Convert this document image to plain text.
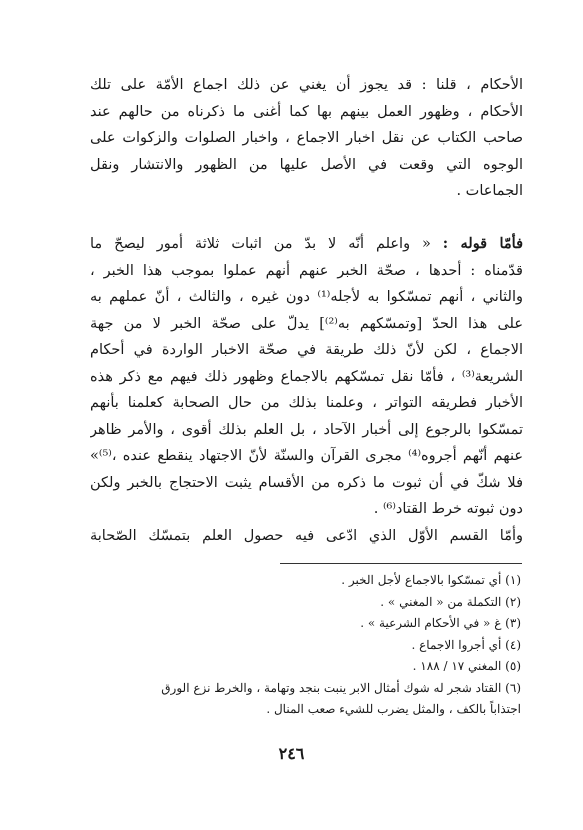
الأحكام ، قلنا : قد يجوز أن يغني عن ذلك اجماع الأمّة على تلك
الأحكام ، وظهور العمل بينهم بها كما أغنى ما ذكرناه من حالهم عند
صاحب الكتاب عن نقل اخبار الاجماع ، واخبار الصلوات والزكوات على
الوجوه التي وقعت في الأصل عليها من الظهور والانتشار ونقل
الجماعات .
فأمّا قوله : « واعلم أنّه لا بدّ من اثبات ثلاثة أمور ليصحّ ما
قدّمناه : أحدها ، صحّة الخبر عنهم أنهم عملوا بموجب هذا الخبر ،
والثاني ، أنهم تمسّكوا به لأجله⁽¹⁾ دون غيره ، والثالث ، أنّ عملهم به
على هذا الحدّ [وتمسّكهم به⁽²⁾] يدلّ على صحّة الخبر لا من جهة
الاجماع ، لكن لأنّ ذلك طريقة في صحّة الاخبار الواردة في أحكام
الشريعة⁽³⁾ ، فأمّا نقل تمسّكهم بالاجماع وظهور ذلك فيهم مع ذكر هذه
الأخبار فطريقه التواتر ، وعلمنا بذلك من حال الصحابة كعلمنا بأنهم
تمسّكوا بالرجوع إلى أخبار الآحاد ، بل العلم بذلك أقوى ، والأمر ظاهر
عنهم أنّهم أجروه⁽⁴⁾ مجرى القرآن والسنّة لأنّ الاجتهاد ينقطع عنده ،⁽⁵⁾»
فلا شكّ في أن ثبوت ما ذكره من الأقسام يثبت الاحتجاج بالخبر ولكن
دون ثبوته خرط القتاد⁽⁶⁾ .
وأمّا القسم الأوّل الذي ادّعى فيه حصول العلم بتمسّك الصّحابة
(١) أي تمسّكوا بالاجماع لأجل الخبر .
(٢) التكملة من « المغني » .
(٣) غ « في الأحكام الشرعية » .
(٤) أي أجروا الاجماع .
(٥) المغني ١٧ / ١٨٨ .
(٦) القتاد شجر له شوك أمثال الابر ينبت بنجد وتهامة ، والخرط نزع الورق
اجتذاباً بالكف ، والمثل يضرب للشيء صعب المنال .
٢٤٦
